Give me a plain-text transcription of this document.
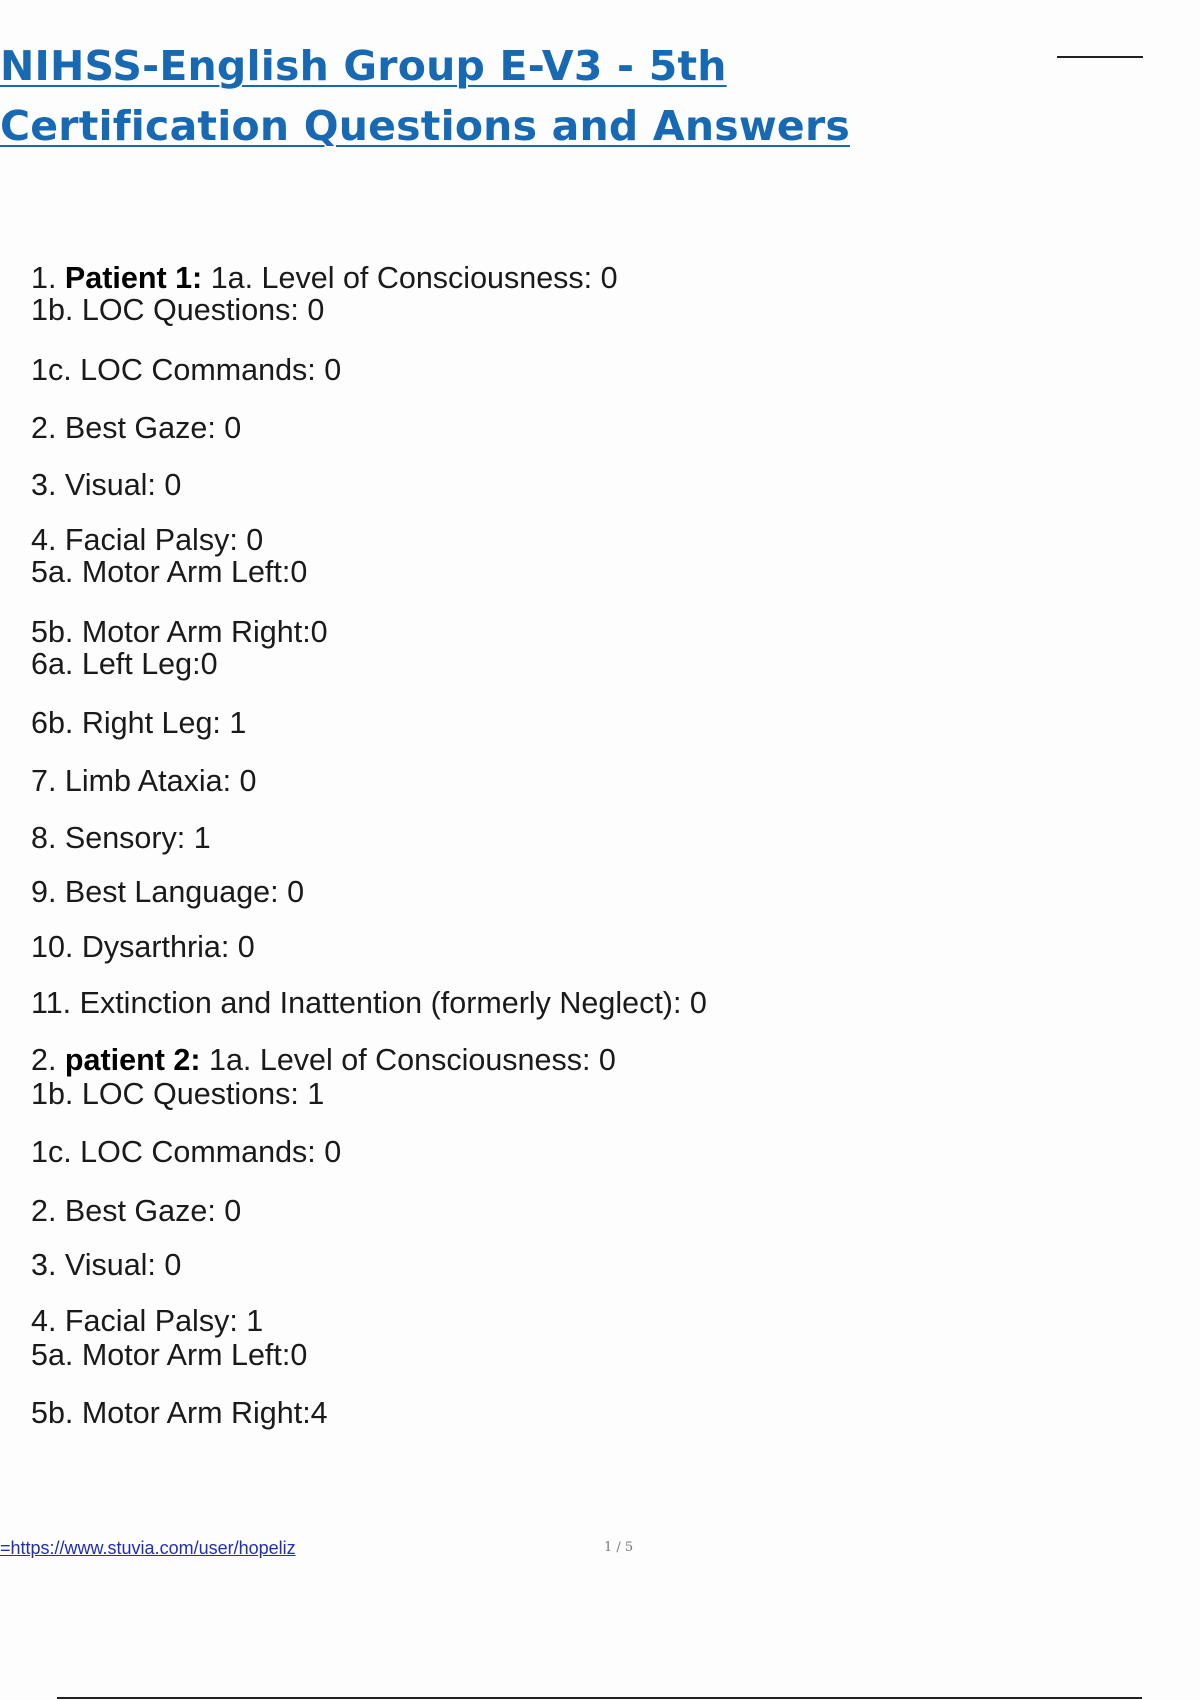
NIHSS-English Group E-V3 - 5th Certification Questions and Answers
1. Patient 1: 1a. Level of Consciousness: 0
1b. LOC Questions: 0
1c. LOC Commands: 0
2. Best Gaze: 0
3. Visual: 0
4. Facial Palsy: 0
5a. Motor Arm Left:0
5b. Motor Arm Right:0
6a. Left Leg:0
6b. Right Leg: 1
7. Limb Ataxia: 0
8. Sensory: 1
9. Best Language: 0
10. Dysarthria: 0
11. Extinction and Inattention (formerly Neglect): 0
2. patient 2: 1a. Level of Consciousness: 0
1b. LOC Questions: 1
1c. LOC Commands: 0
2. Best Gaze: 0
3. Visual: 0
4. Facial Palsy: 1
5a. Motor Arm Left:0
5b. Motor Arm Right:4
=https://www.stuvia.com/user/hopeliz	1 / 5
